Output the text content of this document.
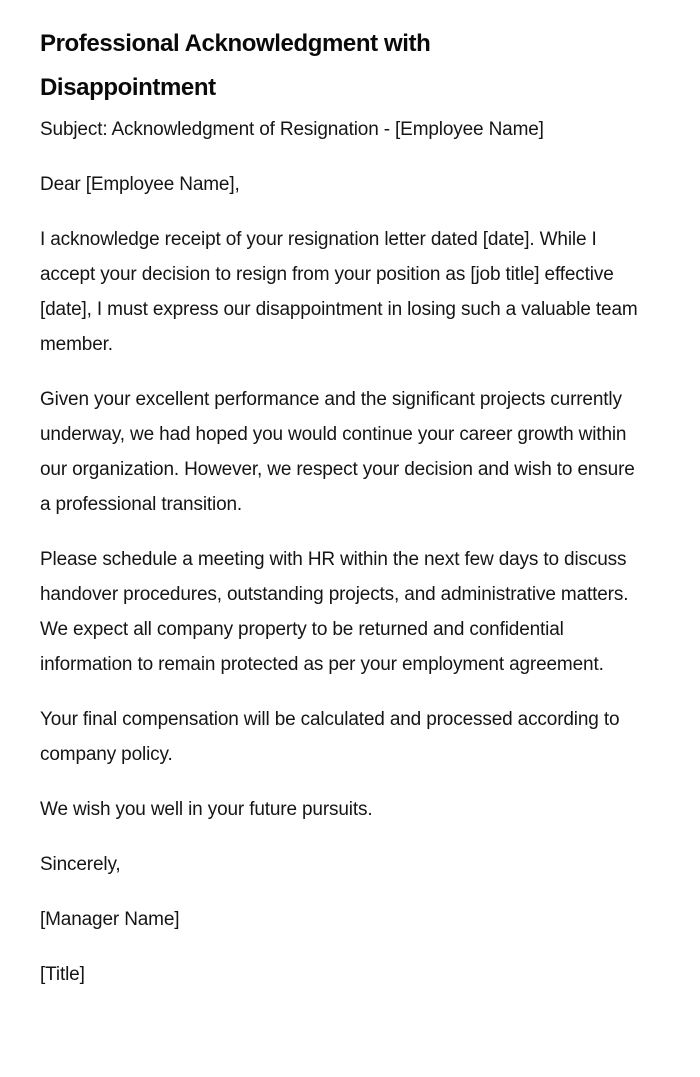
Professional Acknowledgment with Disappointment

Subject: Acknowledgment of Resignation - [Employee Name]

Dear [Employee Name],

I acknowledge receipt of your resignation letter dated [date]. While I accept your decision to resign from your position as [job title] effective [date], I must express our disappointment in losing such a valuable team member.

Given your excellent performance and the significant projects currently underway, we had hoped you would continue your career growth within our organization. However, we respect your decision and wish to ensure a professional transition.

Please schedule a meeting with HR within the next few days to discuss handover procedures, outstanding projects, and administrative matters. We expect all company property to be returned and confidential information to remain protected as per your employment agreement.

Your final compensation will be calculated and processed according to company policy.

We wish you well in your future pursuits.

Sincerely,

[Manager Name]

[Title]
